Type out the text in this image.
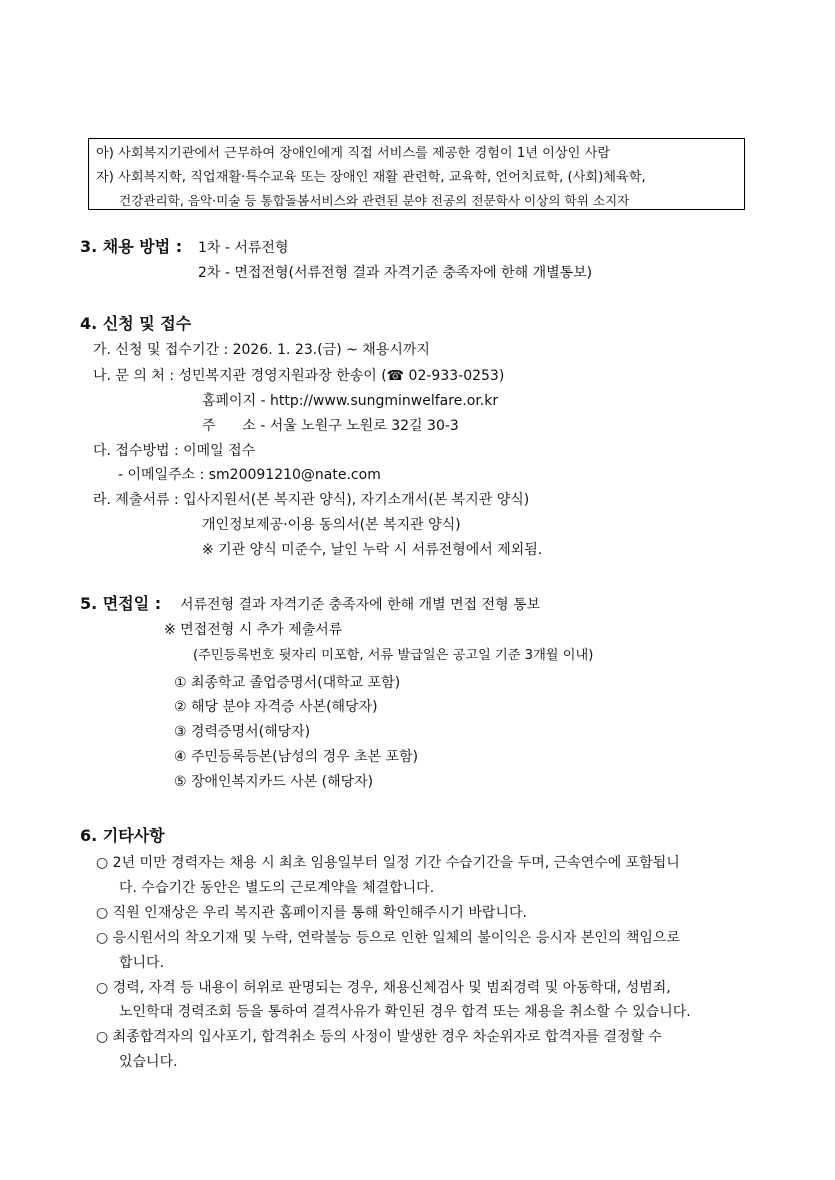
아) 사회복지기관에서 근무하여 장애인에게 직접 서비스를 제공한 경험이 1년 이상인 사람
자) 사회복지학, 직업재활·특수교육 또는 장애인 재활 관련학, 교육학, 언어치료학, (사회)체육학,
건강관리학, 음악·미술 등 통합돌봄서비스와 관련된 분야 전공의 전문학사 이상의 학위 소지자
3. 채용 방법 : 1차 - 서류전형
2차 - 면접전형(서류전형 결과 자격기준 충족자에 한해 개별통보)
4. 신청 및 접수
가. 신청 및 접수기간 : 2026. 1. 23.(금) ~ 채용시까지
나. 문 의 처 : 성민복지관 경영지원과장 한송이 (☎ 02-933-0253)
홈페이지 - http://www.sungminwelfare.or.kr
주      소 - 서울 노원구 노원로 32길 30-3
다. 접수방법 : 이메일 접수
- 이메일주소 : sm20091210@nate.com
라. 제출서류 : 입사지원서(본 복지관 양식), 자기소개서(본 복지관 양식)
개인정보제공·이용 동의서(본 복지관 양식)
※ 기관 양식 미준수, 날인 누락 시 서류전형에서 제외됨.
5. 면접일 : 서류전형 결과 자격기준 충족자에 한해 개별 면접 전형 통보
※ 면접전형 시 추가 제출서류
(주민등록번호 뒷자리 미포함, 서류 발급일은 공고일 기준 3개월 이내)
① 최종학교 졸업증명서(대학교 포함)
② 해당 분야 자격증 사본(해당자)
③ 경력증명서(해당자)
④ 주민등록등본(남성의 경우 초본 포함)
⑤ 장애인복지카드 사본 (해당자)
6. 기타사항
○ 2년 미만 경력자는 채용 시 최초 임용일부터 일정 기간 수습기간을 두며, 근속연수에 포함됩니
다. 수습기간 동안은 별도의 근로계약을 체결합니다.
○ 직원 인재상은 우리 복지관 홈페이지를 통해 확인해주시기 바랍니다.
○ 응시원서의 착오기재 및 누락, 연락불능 등으로 인한 일체의 불이익은 응시자 본인의 책임으로
합니다.
○ 경력, 자격 등 내용이 허위로 판명되는 경우, 채용신체검사 및 범죄경력 및 아동학대, 성범죄,
노인학대 경력조회 등을 통하여 결격사유가 확인된 경우 합격 또는 채용을 취소할 수 있습니다.
○ 최종합격자의 입사포기, 합격취소 등의 사정이 발생한 경우 차순위자로 합격자를 결정할 수
있습니다.
